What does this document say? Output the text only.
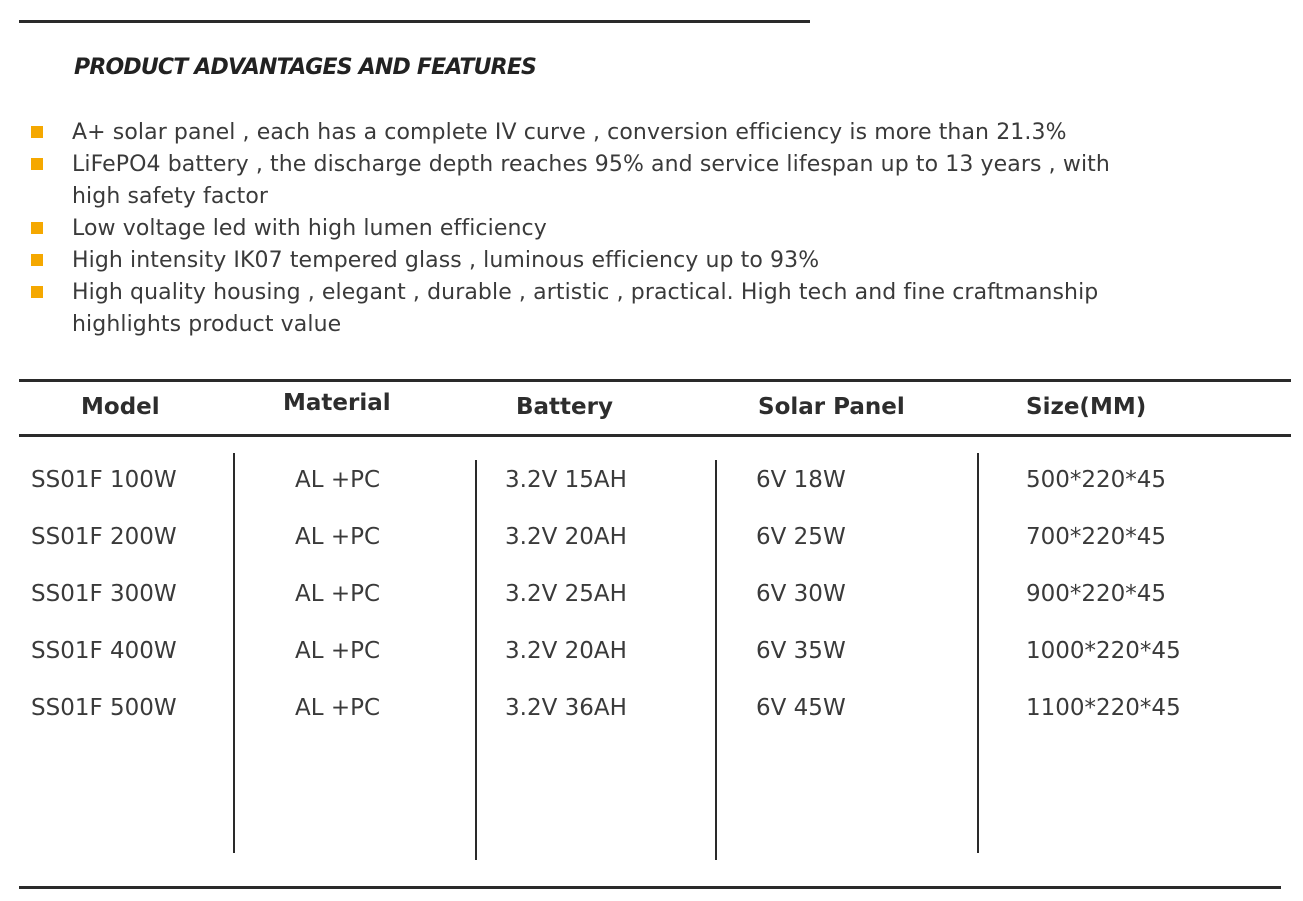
PRODUCT ADVANTAGES AND FEATURES
A+ solar panel , each has a complete IV curve , conversion efficiency is more than 21.3%
LiFePO4 battery , the discharge depth reaches 95% and service lifespan up to 13 years , with high safety factor
Low voltage led with high lumen efficiency
High intensity IK07 tempered glass , luminous efficiency up to 93%
High quality housing , elegant , durable , artistic , practical. High tech and fine craftmanship highlights product value
Model	Material	Battery	Solar Panel	Size(MM)
SS01F 100W	AL +PC	3.2V 15AH	6V 18W	500*220*45
SS01F 200W	AL +PC	3.2V 20AH	6V 25W	700*220*45
SS01F 300W	AL +PC	3.2V 25AH	6V 30W	900*220*45
SS01F 400W	AL +PC	3.2V 20AH	6V 35W	1000*220*45
SS01F 500W	AL +PC	3.2V 36AH	6V 45W	1100*220*45
